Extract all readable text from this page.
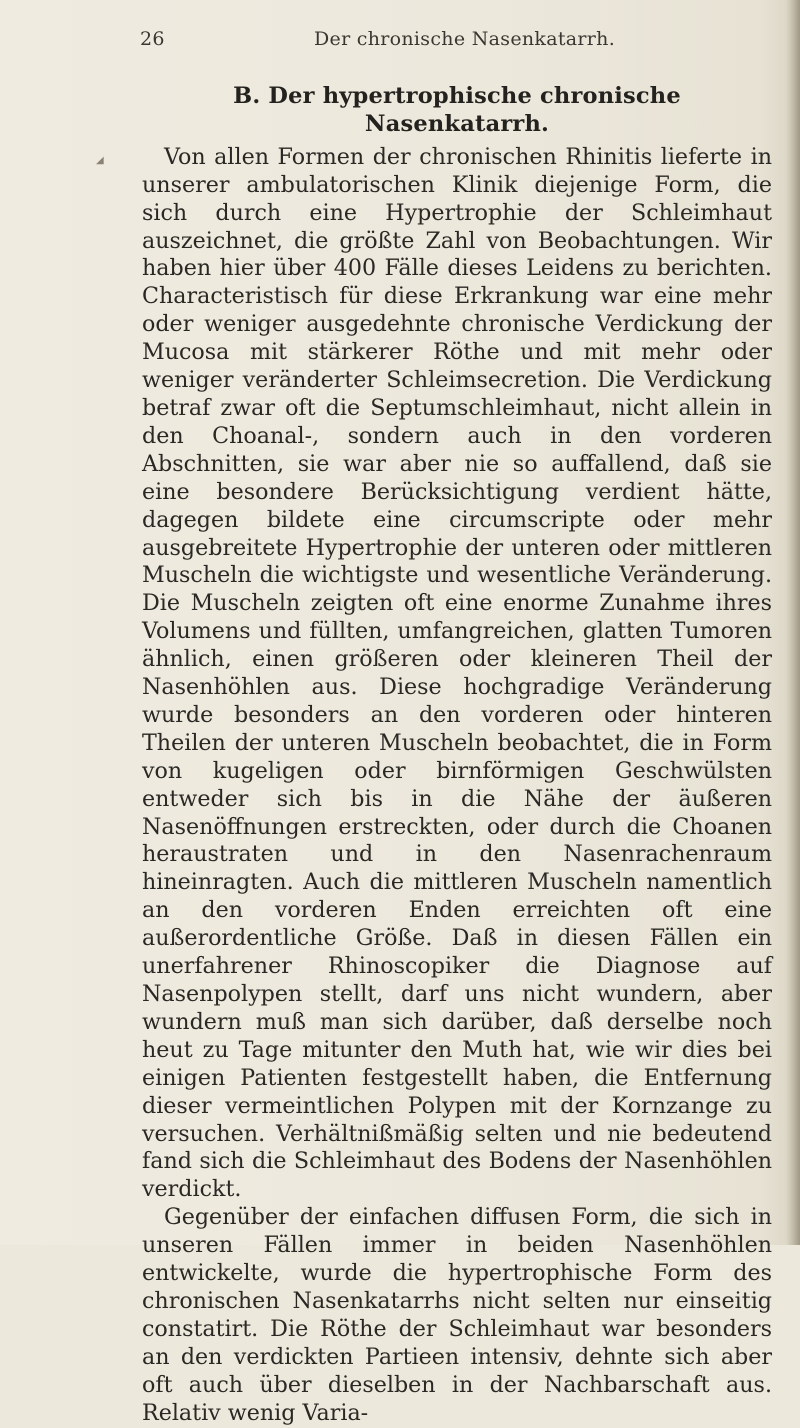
26	Der chronische Nasenkatarrh.
◢
B. Der hypertrophische chronische Nasenkatarrh.

Von allen Formen der chronischen Rhinitis lieferte in unserer ambulatorischen Klinik diejenige Form, die sich durch eine Hypertrophie der Schleimhaut auszeichnet, die größte Zahl von Beobachtungen. Wir haben hier über 400 Fälle dieses Leidens zu berichten. Characteristisch für diese Erkrankung war eine mehr oder weniger ausgedehnte chronische Verdickung der Mucosa mit stärkerer Röthe und mit mehr oder weniger veränderter Schleimsecretion. Die Verdickung betraf zwar oft die Septumschleimhaut, nicht allein in den Choanal-, sondern auch in den vorderen Abschnitten, sie war aber nie so auffallend, daß sie eine besondere Berücksichtigung verdient hätte, dagegen bildete eine circumscripte oder mehr ausgebreitete Hypertrophie der unteren oder mittleren Muscheln die wichtigste und wesentliche Veränderung. Die Muscheln zeigten oft eine enorme Zunahme ihres Volumens und füllten, umfangreichen, glatten Tumoren ähnlich, einen größeren oder kleineren Theil der Nasenhöhlen aus. Diese hochgradige Veränderung wurde besonders an den vorderen oder hinteren Theilen der unteren Muscheln beobachtet, die in Form von kugeligen oder birnförmigen Geschwülsten entweder sich bis in die Nähe der äußeren Nasenöffnungen erstreckten, oder durch die Choanen heraustraten und in den Nasenrachenraum hineinragten. Auch die mittleren Muscheln namentlich an den vorderen Enden erreichten oft eine außerordentliche Größe. Daß in diesen Fällen ein unerfahrener Rhinoscopiker die Diagnose auf Nasenpolypen stellt, darf uns nicht wundern, aber wundern muß man sich darüber, daß derselbe noch heut zu Tage mitunter den Muth hat, wie wir dies bei einigen Patienten festgestellt haben, die Entfernung dieser vermeintlichen Polypen mit der Kornzange zu versuchen. Verhältnißmäßig selten und nie bedeutend fand sich die Schleimhaut des Bodens der Nasenhöhlen verdickt.

Gegenüber der einfachen diffusen Form, die sich in unseren Fällen immer in beiden Nasenhöhlen entwickelte, wurde die hypertrophische Form des chronischen Nasenkatarrhs nicht selten nur einseitig constatirt. Die Röthe der Schleimhaut war besonders an den verdickten Partieen intensiv, dehnte sich aber oft auch über dieselben in der Nachbarschaft aus. Relativ wenig Varia-
